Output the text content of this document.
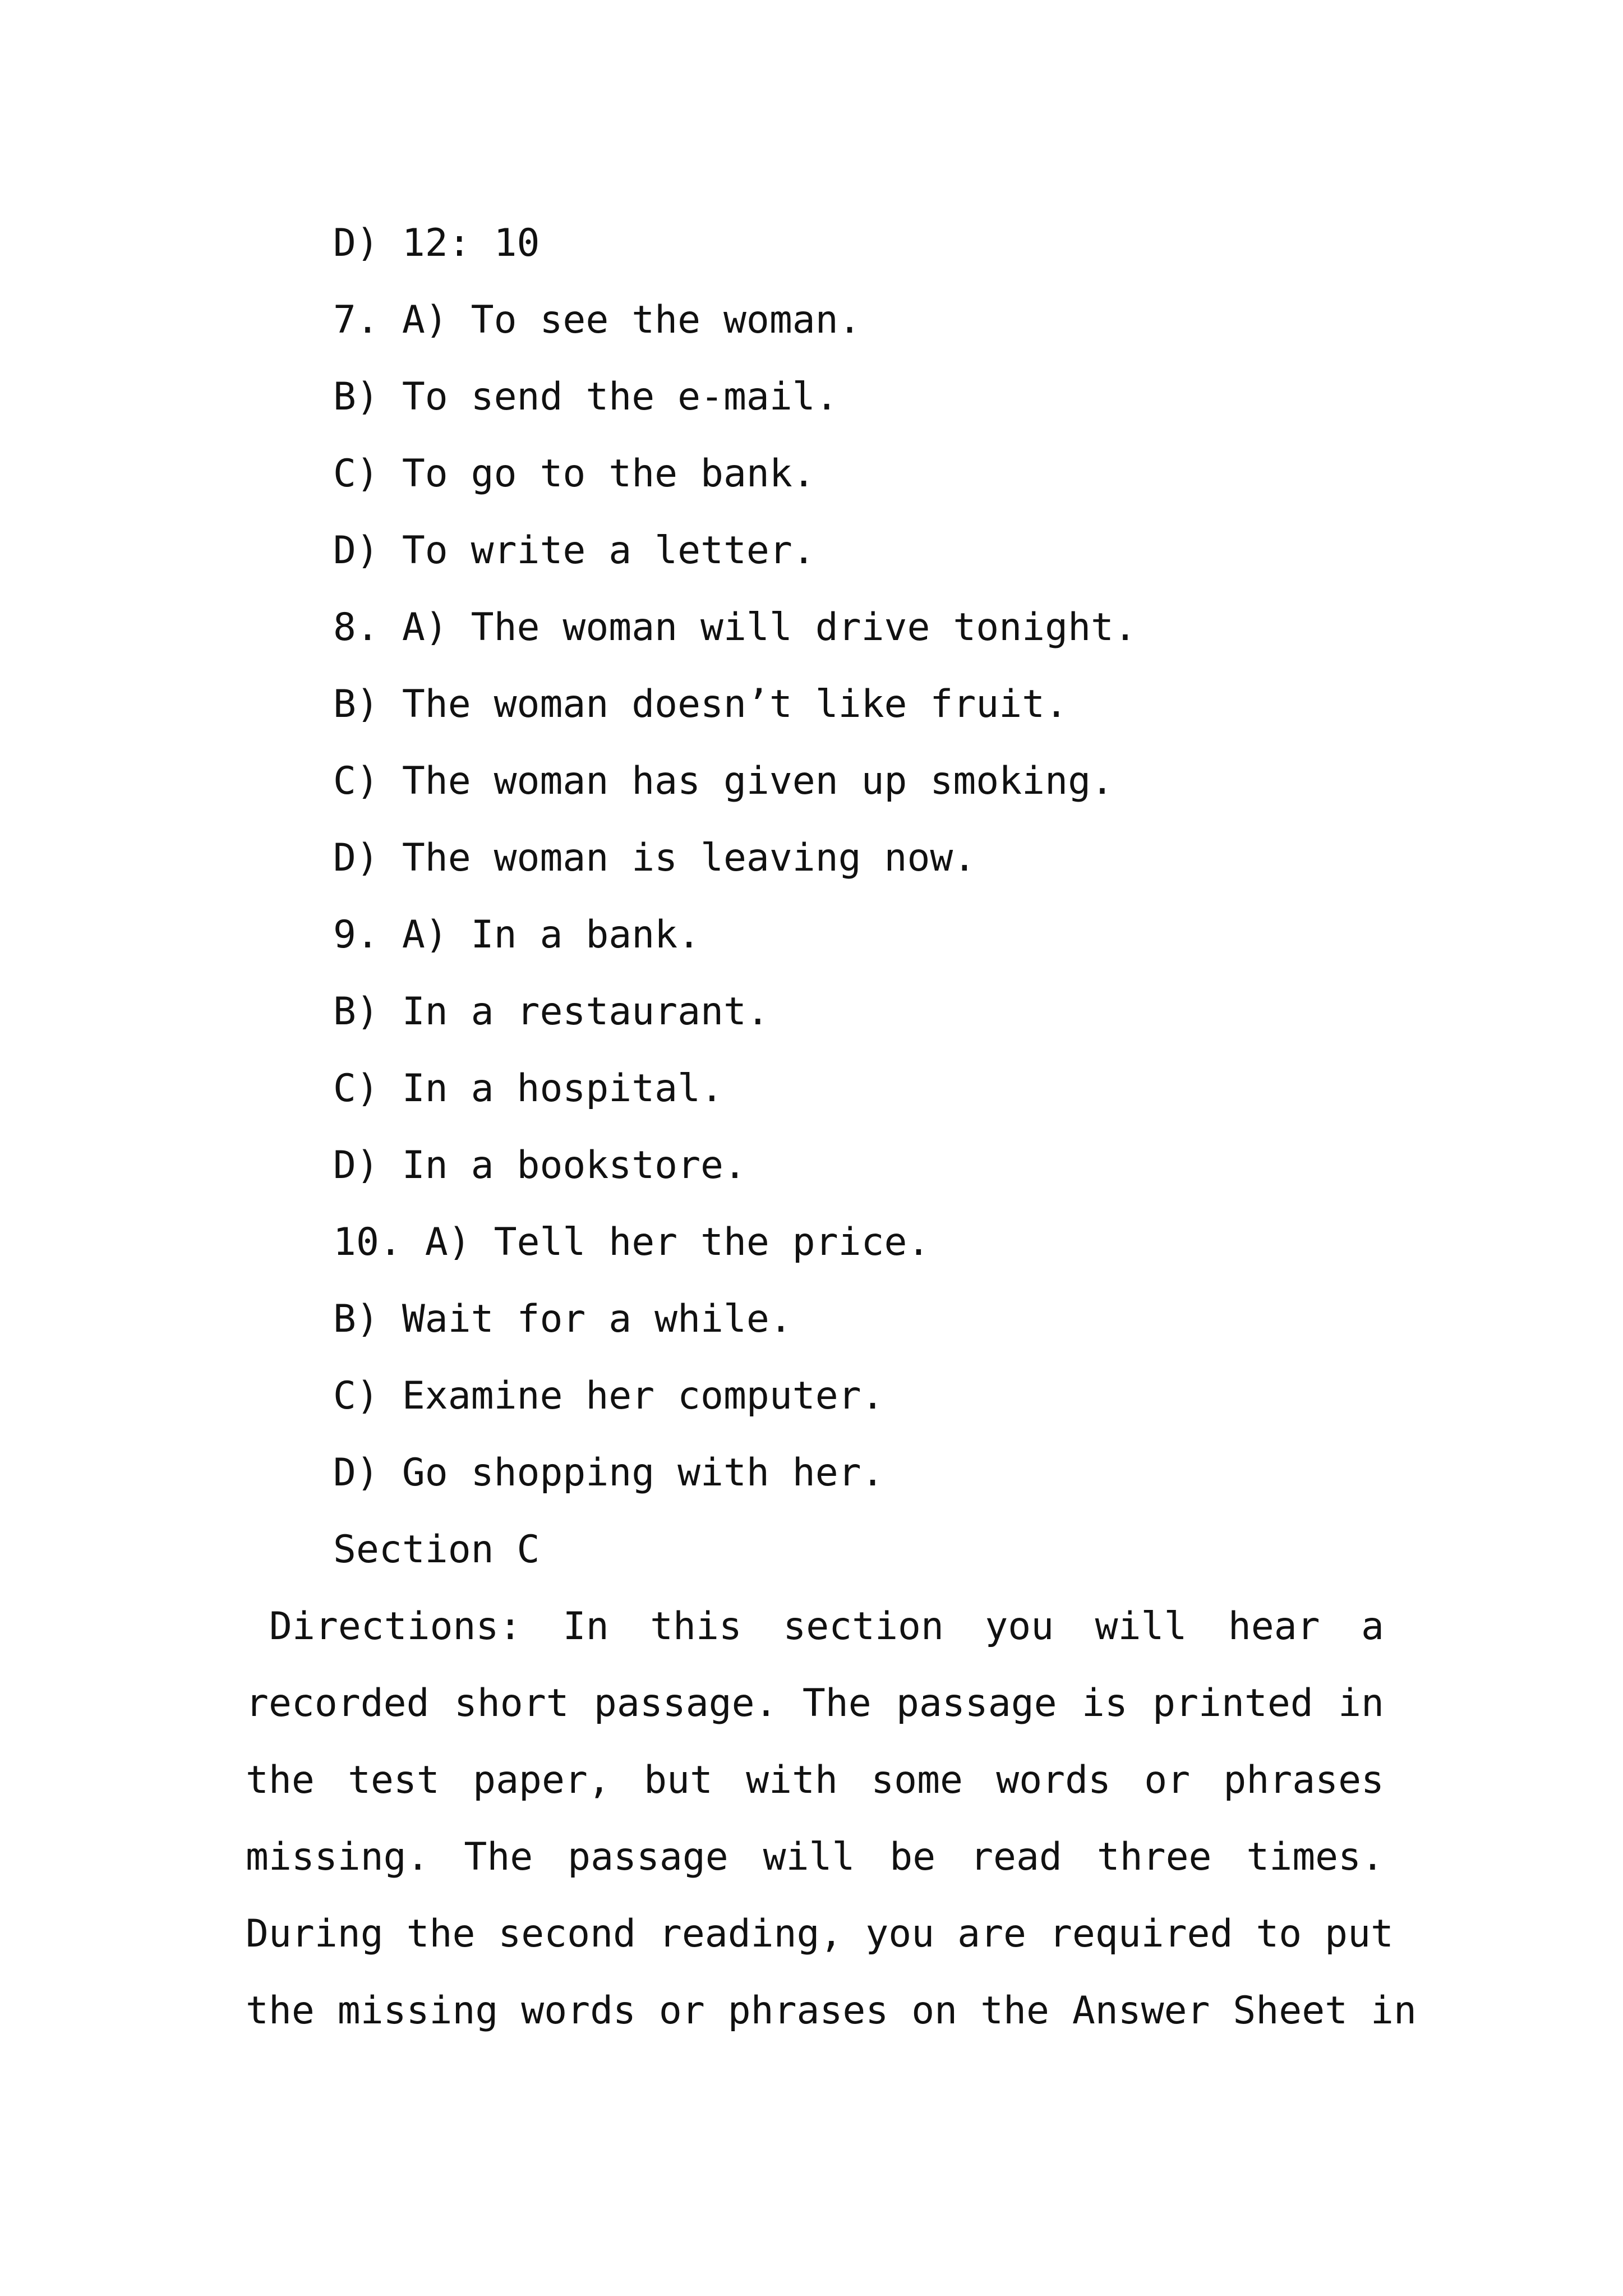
D) 12: 10
7. A) To see the woman.
B) To send the e-mail.
C) To go to the bank.
D) To write a letter.
8. A) The woman will drive tonight.
B) The woman doesn’t like fruit.
C) The woman has given up smoking.
D) The woman is leaving now.
9. A) In a bank.
B) In a restaurant.
C) In a hospital.
D) In a bookstore.
10. A) Tell her the price.
B) Wait for a while.
C) Examine her computer.
D) Go shopping with her.
Section C
Directions: In this section you will hear a
recorded short passage. The passage is printed in
the test paper, but with some words or phrases
missing. The passage will be read three times.
During the second reading, you are required to put
the missing words or phrases on the Answer Sheet in
